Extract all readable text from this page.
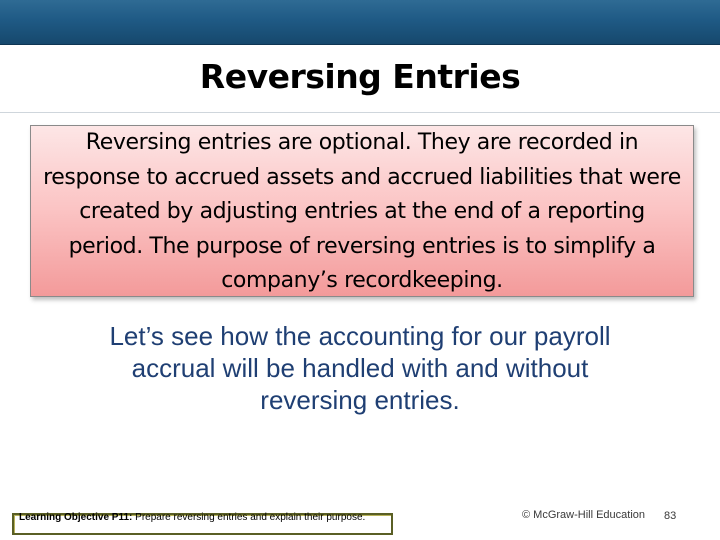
Reversing Entries
Reversing entries are optional. They are recorded in response to accrued assets and accrued liabilities that were created by adjusting entries at the end of a reporting period. The purpose of reversing entries is to simplify a company’s recordkeeping.
Let’s see how the accounting for our payroll accrual will be handled with and without reversing entries.
Learning Objective P11: Prepare reversing entries and explain their purpose.	© McGraw-Hill Education 83
